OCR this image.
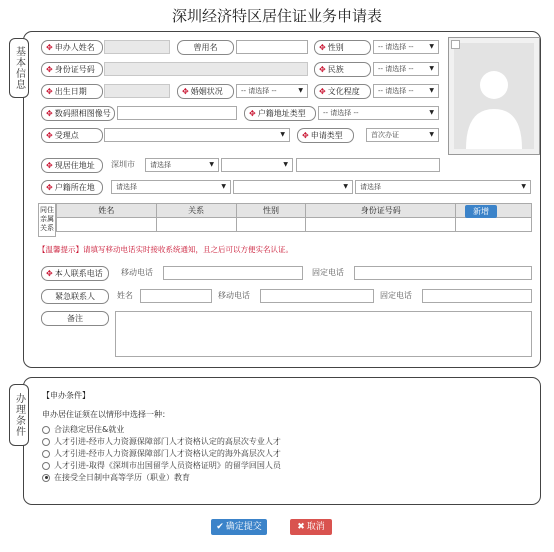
深圳经济特区居住证业务申请表
基本信息	✥ 申办人姓名	曾用名	✥ 性别	-- 请选择 --	▼
✥ 身份证号码	✥ 民族	-- 请选择 --	▼
✥ 出生日期	✥ 婚姻状况	-- 请选择 --	▼	✥ 文化程度	-- 请选择 --	▼
✥ 数码照相图像号	✥ 户籍地址类型	-- 请选择 --	▼
✥ 受理点	▼	✥ 申请类型	首次办证	▼
✥ 现居住地址	深圳市	请选择	▼	▼
✥ 户籍所在地	请选择	▼	▼	请选择	▼
	姓名	关系	性别	身份证号码	

同住亲属关系
新增
【温馨提示】请填写移动电话实时接收系统通知，且之后可以方便实名认证。
✥ 本人联系电话	移动电话	固定电话
紧急联系人	姓名	移动电话	固定电话
备注
办理条件 【申办条件】
申办居住证须在以情形中选择一种：
合法稳定居住&就业
人才引进-经市人力资源保障部门人才资格认定的高层次专业人才
人才引进-经市人力资源保障部门人才资格认定的海外高层次人才
人才引进-取得《深圳市出国留学人员资格证明》的留学回国人员
在接受全日制中高等学历（职业）教育
✔ 确定提交	✖ 取消
